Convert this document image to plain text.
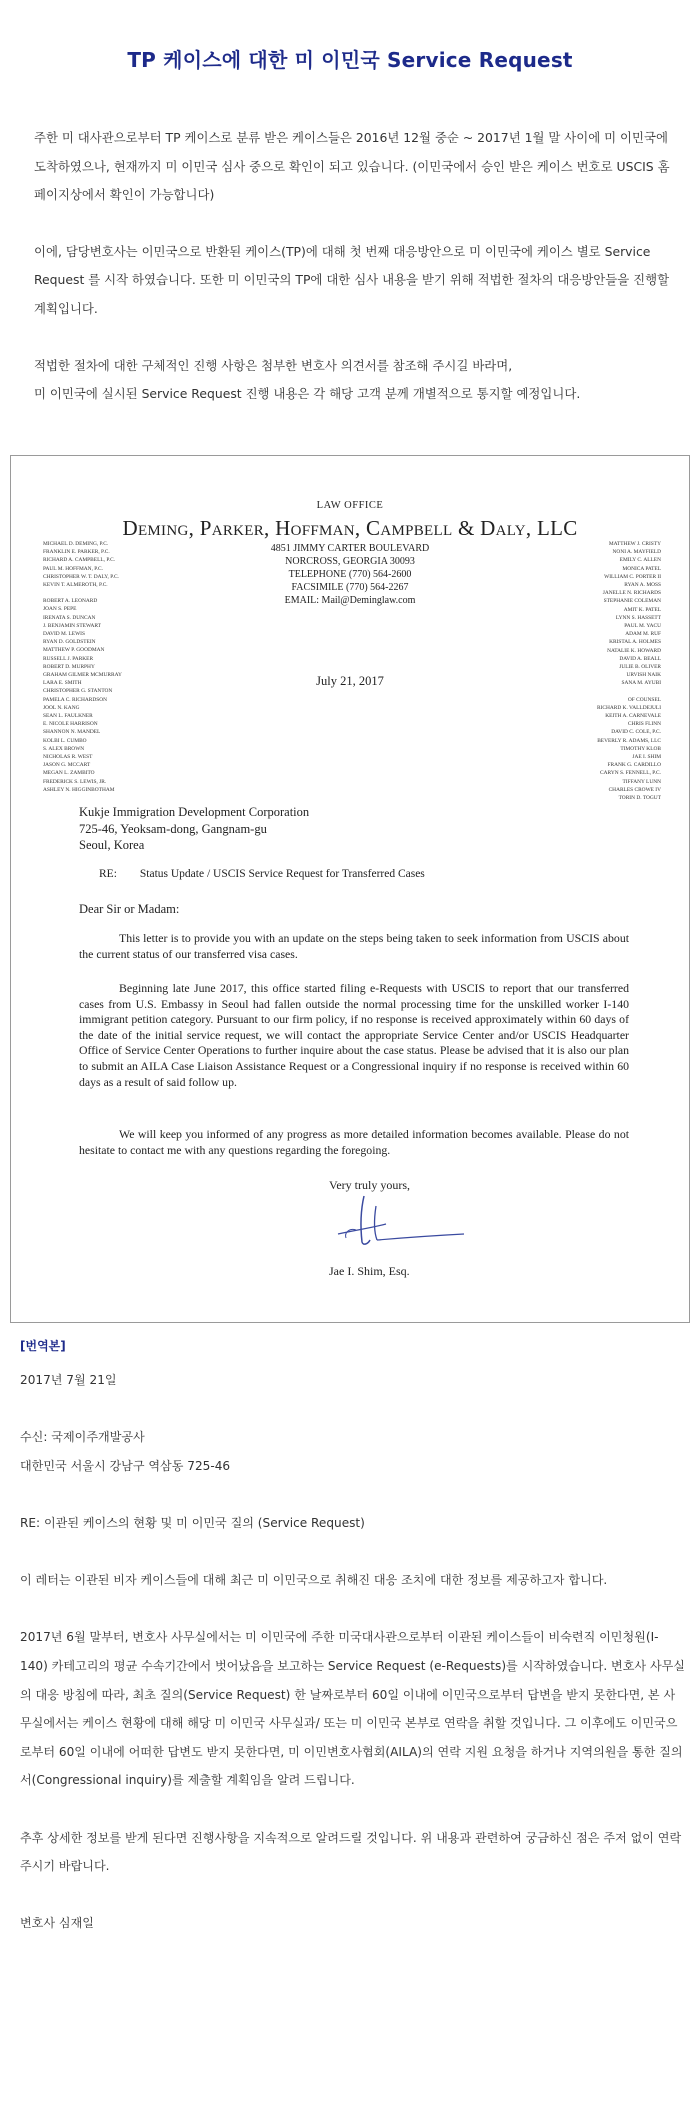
TP 케이스에 대한 미 이민국 Service Request

주한 미 대사관으로부터 TP 케이스로 분류 받은 케이스들은 2016년 12월 중순 ~ 2017년 1월 말 사이에 미 이민국에 도착하였으나, 현재까지 미 이민국 심사 중으로 확인이 되고 있습니다. (이민국에서 승인 받은 케이스 번호로 USCIS 홈페이지상에서 확인이 가능합니다)

이에, 담당변호사는 이민국으로 반환된 케이스(TP)에 대해 첫 번째 대응방안으로 미 이민국에 케이스 별로 Service Request 를 시작 하였습니다. 또한 미 이민국의 TP에 대한 심사 내용을 받기 위해 적법한 절차의 대응방안들을 진행할 계획입니다.

적법한 절차에 대한 구체적인 진행 사항은 첨부한 변호사 의견서를 참조해 주시길 바라며,
미 이민국에 실시된 Service Request 진행 내용은 각 해당 고객 분께 개별적으로 통지할 예정입니다.

LAW OFFICE
Deming, Parker, Hoffman, Campbell & Daly, LLC
4851 JIMMY CARTER BOULEVARD
NORCROSS, GEORGIA 30093
TELEPHONE (770) 564-2600
FACSIMILE (770) 564-2267
EMAIL: Mail@Deminglaw.com
MICHAEL D. DEMING, P.C.
FRANKLIN E. PARKER, P.C.
RICHARD A. CAMPBELL, P.C.
PAUL M. HOFFMAN, P.C.
CHRISTOPHER W. T. DALY, P.C.
KEVIN T. ALMEROTH, P.C.
ROBERT A. LEONARD
JOAN S. PEPE
IRENATA S. DUNCAN
J. BENJAMIN STEWART
DAVID M. LEWIS
RYAN D. GOLDSTEIN
MATTHEW P. GOODMAN
RUSSELL J. PARKER
ROBERT D. MURPHY
GRAHAM GILMER MCMURRAY
LARA E. SMITH
CHRISTOPHER G. STANTON
PAMELA C. RICHARDSON
JOOL N. KANG
SEAN L. FAULKNER
E. NICOLE HARRISON
SHANNON N. MANDEL
KOLBI L. CUMBO
S. ALEX BROWN
NICHOLAS R. WEST
JASON G. MCCART
MEGAN L. ZAMBITO
FREDERICK S. LEWIS, JR.
ASHLEY N. HIGGINBOTHAM
MATTHEW J. CRISTY
NONI A. MAYFIELD
EMILY C. ALLEN
MONICA PATEL
WILLIAM C. PORTER II
RYAN A. MOSS
JANELLE N. RICHARDS
STEPHANIE COLEMAN
AMIT K. PATEL
LYNN S. HASSETT
PAUL M. YACU
ADAM M. RUF
KRISTAL A. HOLMES
NATALIE K. HOWARD
DAVID A. BEALL
JULIE B. OLIVER
URVISH NAIK
SANA M. AYUBI
OF COUNSEL
RICHARD K. VALLDEJULI
KEITH A. CARNEVALE
CHRIS FLINN
DAVID C. COLE, P.C.
BEVERLY R. ADAMS, LLC
TIMOTHY KLOB
JAE I. SHIM
FRANK G. CARDILLO
CARYN S. FENNELL, P.C.
TIFFANY LUNN
CHARLES CROWE IV
TORIN D. TOGUT
July 21, 2017
Kukje Immigration Development Corporation
725-46, Yeoksam-dong, Gangnam-gu
Seoul, Korea
RE: Status Update / USCIS Service Request for Transferred Cases
Dear Sir or Madam:
This letter is to provide you with an update on the steps being taken to seek information from USCIS about the current status of our transferred visa cases.
Beginning late June 2017, this office started filing e-Requests with USCIS to report that our transferred cases from U.S. Embassy in Seoul had fallen outside the normal processing time for the unskilled worker I-140 immigrant petition category. Pursuant to our firm policy, if no response is received approximately within 60 days of the date of the initial service request, we will contact the appropriate Service Center and/or USCIS Headquarter Office of Service Center Operations to further inquire about the case status. Please be advised that it is also our plan to submit an AILA Case Liaison Assistance Request or a Congressional inquiry if no response is received within 60 days as a result of said follow up.
We will keep you informed of any progress as more detailed information becomes available. Please do not hesitate to contact me with any questions regarding the foregoing.
Very truly yours,
Jae I. Shim, Esq.
[번역본]

2017년 7월 21일

수신: 국제이주개발공사
대한민국 서울시 강남구 역삼동 725-46

RE: 이관된 케이스의 현황 및 미 이민국 질의 (Service Request)

이 레터는 이관된 비자 케이스들에 대해 최근 미 이민국으로 취해진 대응 조치에 대한 정보를 제공하고자 합니다.

2017년 6월 말부터, 변호사 사무실에서는 미 이민국에 주한 미국대사관으로부터 이관된 케이스들이 비숙련직 이민청원(I-140) 카테고리의 평균 수속기간에서 벗어났음을 보고하는 Service Request (e-Requests)를 시작하였습니다. 변호사 사무실의 대응 방침에 따라, 최초 질의(Service Request) 한 날짜로부터 60일 이내에 이민국으로부터 답변을 받지 못한다면, 본 사무실에서는 케이스 현황에 대해 해당 미 이민국 사무실과/ 또는 미 이민국 본부로 연락을 취할 것입니다. 그 이후에도 이민국으로부터 60일 이내에 어떠한 답변도 받지 못한다면, 미 이민변호사협회(AILA)의 연락 지원 요청을 하거나 지역의원을 통한 질의서(Congressional inquiry)를 제출할 계획임을 알려 드립니다.

추후 상세한 정보를 받게 된다면 진행사항을 지속적으로 알려드릴 것입니다. 위 내용과 관련하여 궁금하신 점은 주저 없이 연락 주시기 바랍니다.

변호사 심재일
